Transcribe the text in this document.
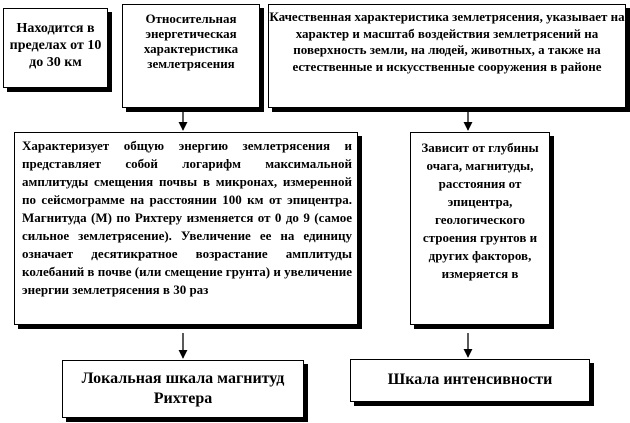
Находится в пределах от 10 до 30 км
Относительная энергетическая характеристика землетрясения
Качественная характеристика землетрясения, указывает на характер и масштаб воздействия землетрясений на поверхность земли, на людей, животных, а также на естественные и искусственные сооружения в районе
Характеризует общую энергию землетрясения и представляет собой логарифм максимальной амплитуды смещения почвы в микронах, измеренной по сейсмограмме на расстоянии 100 км от эпицентра. Магнитуда (М) по Рихтеру изменяется от 0 до 9 (самое сильное землетрясение). Увеличение ее на единицу означает десятикратное возрастание амплитуды колебаний в почве (или смещение грунта) и увеличение энергии землетрясения в 30 раз
Зависит от глубины очага, магнитуды, расстояния от эпицентра, геологического строения грунтов и других факторов, измеряется в
Локальная шкала магнитуд Рихтера
Шкала интенсивности
